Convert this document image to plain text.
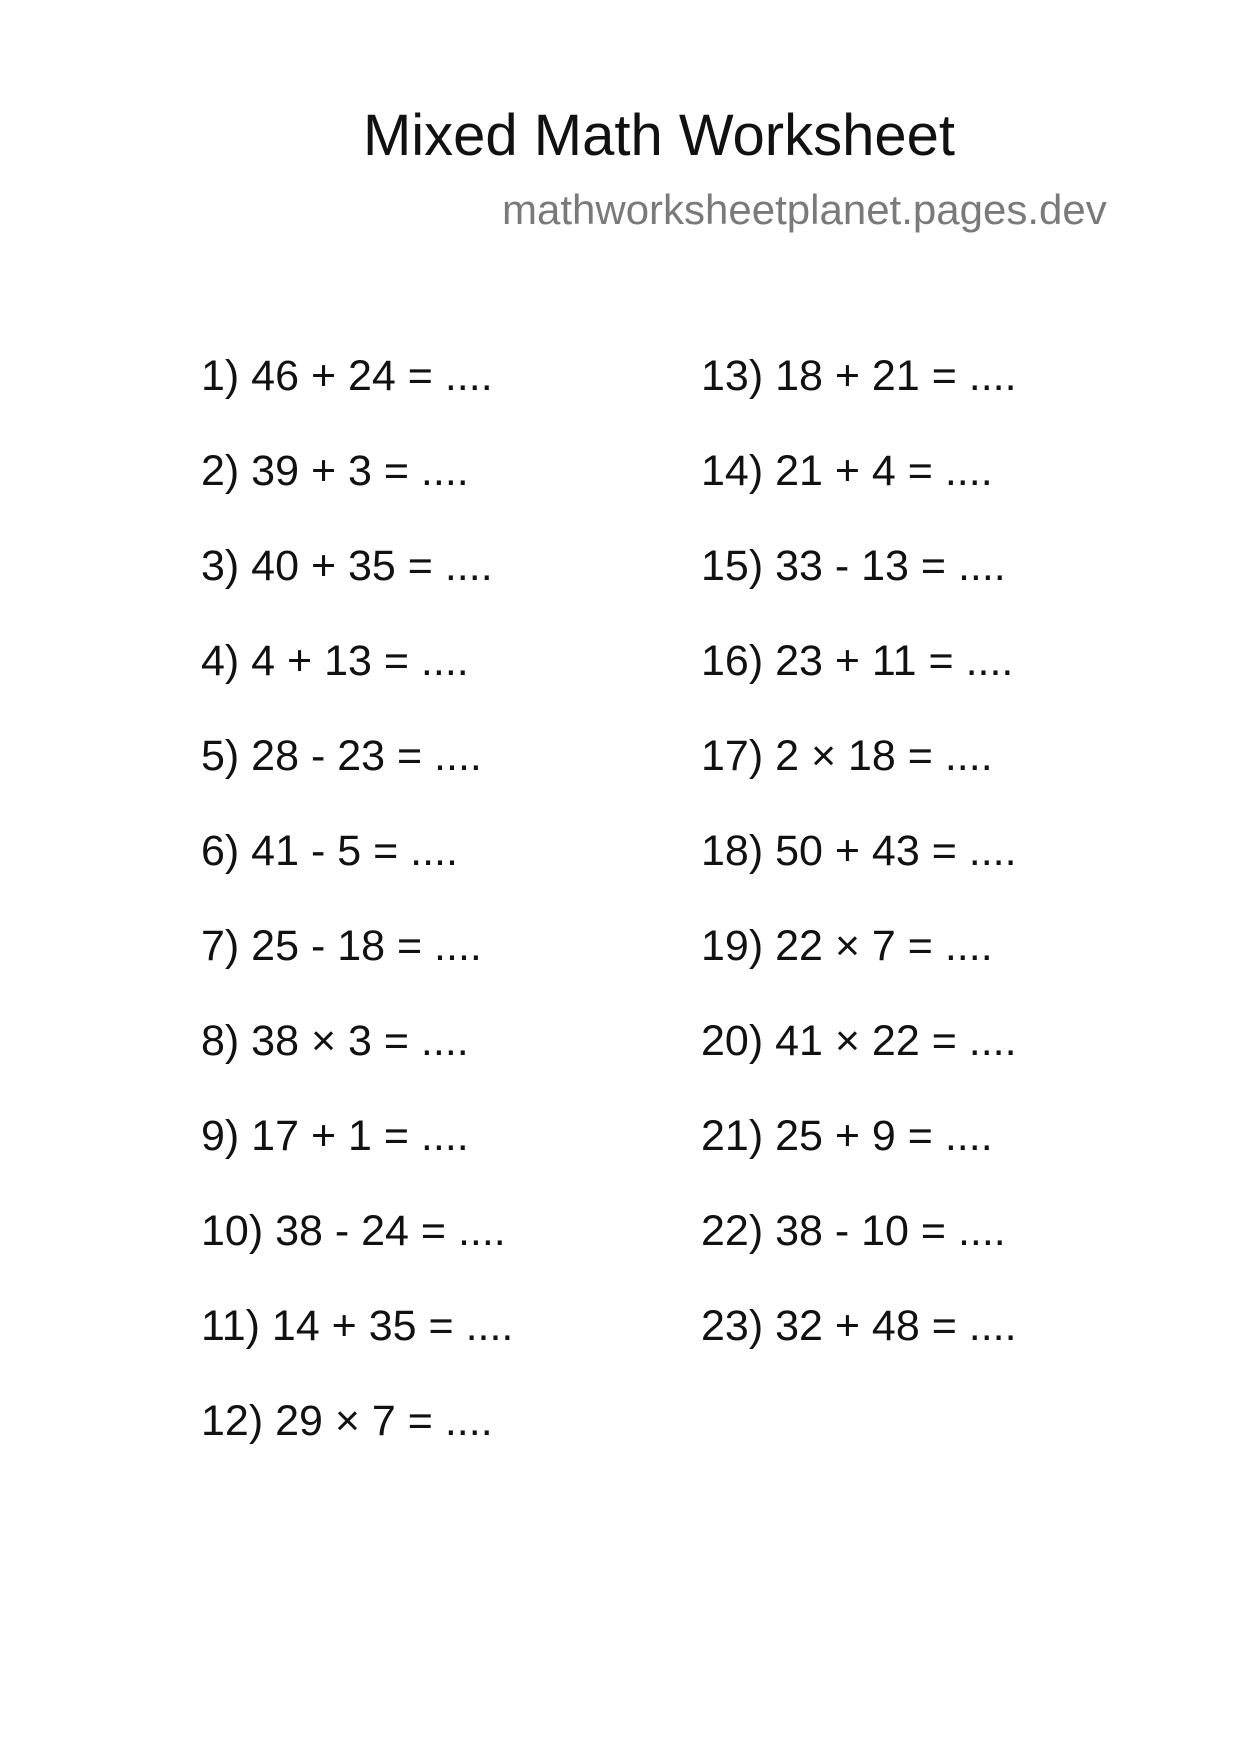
Mixed Math Worksheet
mathworksheetplanet.pages.dev
1) 46 + 24 = ....
2) 39 + 3 = ....
3) 40 + 35 = ....
4) 4 + 13 = ....
5) 28 - 23 = ....
6) 41 - 5 = ....
7) 25 - 18 = ....
8) 38 × 3 = ....
9) 17 + 1 = ....
10) 38 - 24 = ....
11) 14 + 35 = ....
12) 29 × 7 = ....
13) 18 + 21 = ....
14) 21 + 4 = ....
15) 33 - 13 = ....
16) 23 + 11 = ....
17) 2 × 18 = ....
18) 50 + 43 = ....
19) 22 × 7 = ....
20) 41 × 22 = ....
21) 25 + 9 = ....
22) 38 - 10 = ....
23) 32 + 48 = ....
